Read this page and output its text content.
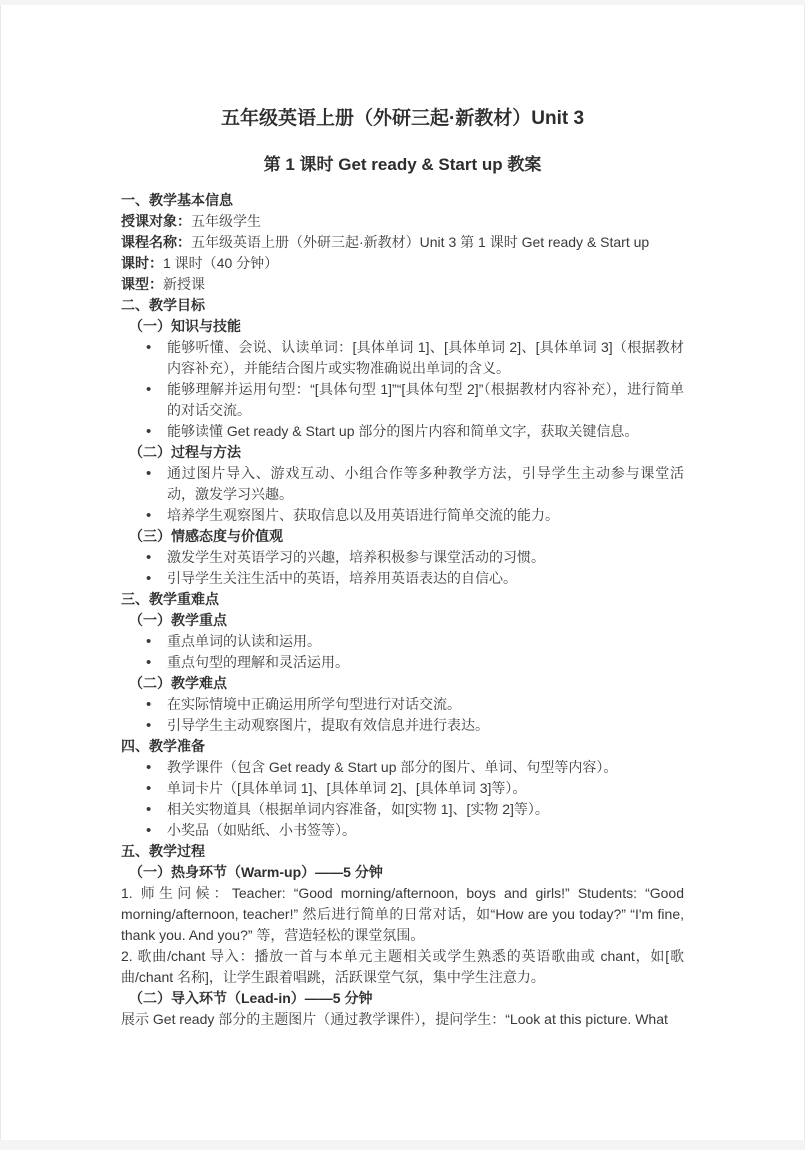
五年级英语上册（外研三起·新教材）Unit 3
第 1 课时 Get ready & Start up 教案
一、教学基本信息
授课对象：五年级学生
课程名称：五年级英语上册（外研三起·新教材）Unit 3 第 1 课时 Get ready & Start up
课时：1 课时（40 分钟）
课型：新授课
二、教学目标
（一）知识与技能
• 能够听懂、会说、认读单词：[具体单词 1]、[具体单词 2]、[具体单词 3]（根据教材内容补充），并能结合图片或实物准确说出单词的含义。
• 能够理解并运用句型：“[具体句型 1]”“[具体句型 2]”（根据教材内容补充），进行简单的对话交流。
• 能够读懂 Get ready & Start up 部分的图片内容和简单文字，获取关键信息。
（二）过程与方法
• 通过图片导入、游戏互动、小组合作等多种教学方法，引导学生主动参与课堂活动，激发学习兴趣。
• 培养学生观察图片、获取信息以及用英语进行简单交流的能力。
（三）情感态度与价值观
• 激发学生对英语学习的兴趣，培养积极参与课堂活动的习惯。
• 引导学生关注生活中的英语，培养用英语表达的自信心。
三、教学重难点
（一）教学重点
• 重点单词的认读和运用。
• 重点句型的理解和灵活运用。
（二）教学难点
• 在实际情境中正确运用所学句型进行对话交流。
• 引导学生主动观察图片，提取有效信息并进行表达。
四、教学准备
• 教学课件（包含 Get ready & Start up 部分的图片、单词、句型等内容）。
• 单词卡片（[具体单词 1]、[具体单词 2]、[具体单词 3]等）。
• 相关实物道具（根据单词内容准备，如[实物 1]、[实物 2]等）。
• 小奖品（如贴纸、小书签等）。
五、教学过程
（一）热身环节（Warm-up）——5 分钟
1. 师生问候：Teacher: “Good morning/afternoon, boys and girls!” Students: “Good morning/afternoon, teacher!” 然后进行简单的日常对话，如“How are you today?” “I'm fine, thank you. And you?” 等，营造轻松的课堂氛围。
2. 歌曲/chant 导入：播放一首与本单元主题相关或学生熟悉的英语歌曲或 chant，如[歌曲/chant 名称]，让学生跟着唱跳，活跃课堂气氛，集中学生注意力。
（二）导入环节（Lead-in）——5 分钟
展示 Get ready 部分的主题图片（通过教学课件），提问学生：“Look at this picture. What
